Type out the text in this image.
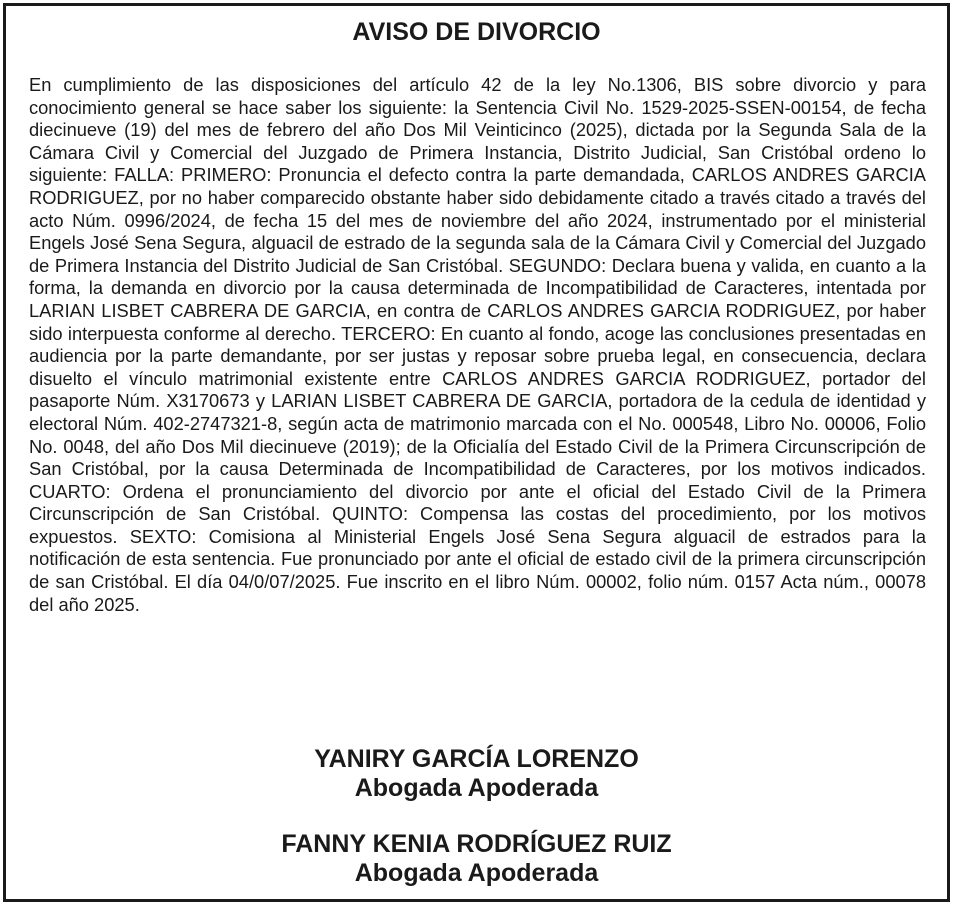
AVISO DE DIVORCIO
En cumplimiento de las disposiciones del artículo 42 de la ley No.1306, BIS sobre divorcio y para conocimiento general se hace saber los siguiente: la Sentencia Civil No. 1529-2025-SSEN-00154, de fecha diecinueve (19) del mes de febrero del año Dos Mil Veinticinco (2025), dictada por la Segunda Sala de la Cámara Civil y Comercial del Juzgado de Primera Instancia, Distrito Judicial, San Cristóbal ordeno lo siguiente: FALLA: PRIMERO: Pronuncia el defecto contra la parte demandada, CARLOS ANDRES GARCIA RODRIGUEZ, por no haber comparecido obstante haber sido debidamente citado a través citado a través del acto Núm. 0996/2024, de fecha 15 del mes de noviembre del año 2024, instrumentado por el ministerial Engels José Sena Segura, alguacil de estrado de la segunda sala de la Cámara Civil y Comercial del Juzgado de Primera Instancia del Distrito Judicial de San Cristóbal. SEGUNDO: Declara buena y valida, en cuanto a la forma, la demanda en divorcio por la causa determinada de Incompatibilidad de Caracteres, intentada por LARIAN LISBET CABRERA DE GARCIA, en contra de CARLOS ANDRES GARCIA RODRIGUEZ, por haber sido interpuesta conforme al derecho. TERCERO: En cuanto al fondo, acoge las conclusiones presentadas en audiencia por la parte demandante, por ser justas y reposar sobre prueba legal, en consecuencia, declara disuelto el vínculo matrimonial existente entre CARLOS ANDRES GARCIA RODRIGUEZ, portador del pasaporte Núm. X3170673 y LARIAN LISBET CABRERA DE GARCIA, portadora de la cedula de identidad y electoral Núm. 402-2747321-8, según acta de matrimonio marcada con el No. 000548, Libro No. 00006, Folio No. 0048, del año Dos Mil diecinueve (2019); de la Oficialía del Estado Civil de la Primera Circunscripción de San Cristóbal, por la causa Determinada de Incompatibilidad de Caracteres, por los motivos indicados. CUARTO: Ordena el pronunciamiento del divorcio por ante el oficial del Estado Civil de la Primera Circunscripción de San Cristóbal. QUINTO: Compensa las costas del procedimiento, por los motivos expuestos. SEXTO: Comisiona al Ministerial Engels José Sena Segura alguacil de estrados para la notificación de esta sentencia. Fue pronunciado por ante el oficial de estado civil de la primera circunscripción de san Cristóbal. El día 04/0/07/2025. Fue inscrito en el libro Núm. 00002, folio núm. 0157 Acta núm., 00078 del año 2025.
YANIRY GARCÍA LORENZO
Abogada Apoderada
FANNY KENIA RODRÍGUEZ RUIZ
Abogada Apoderada
